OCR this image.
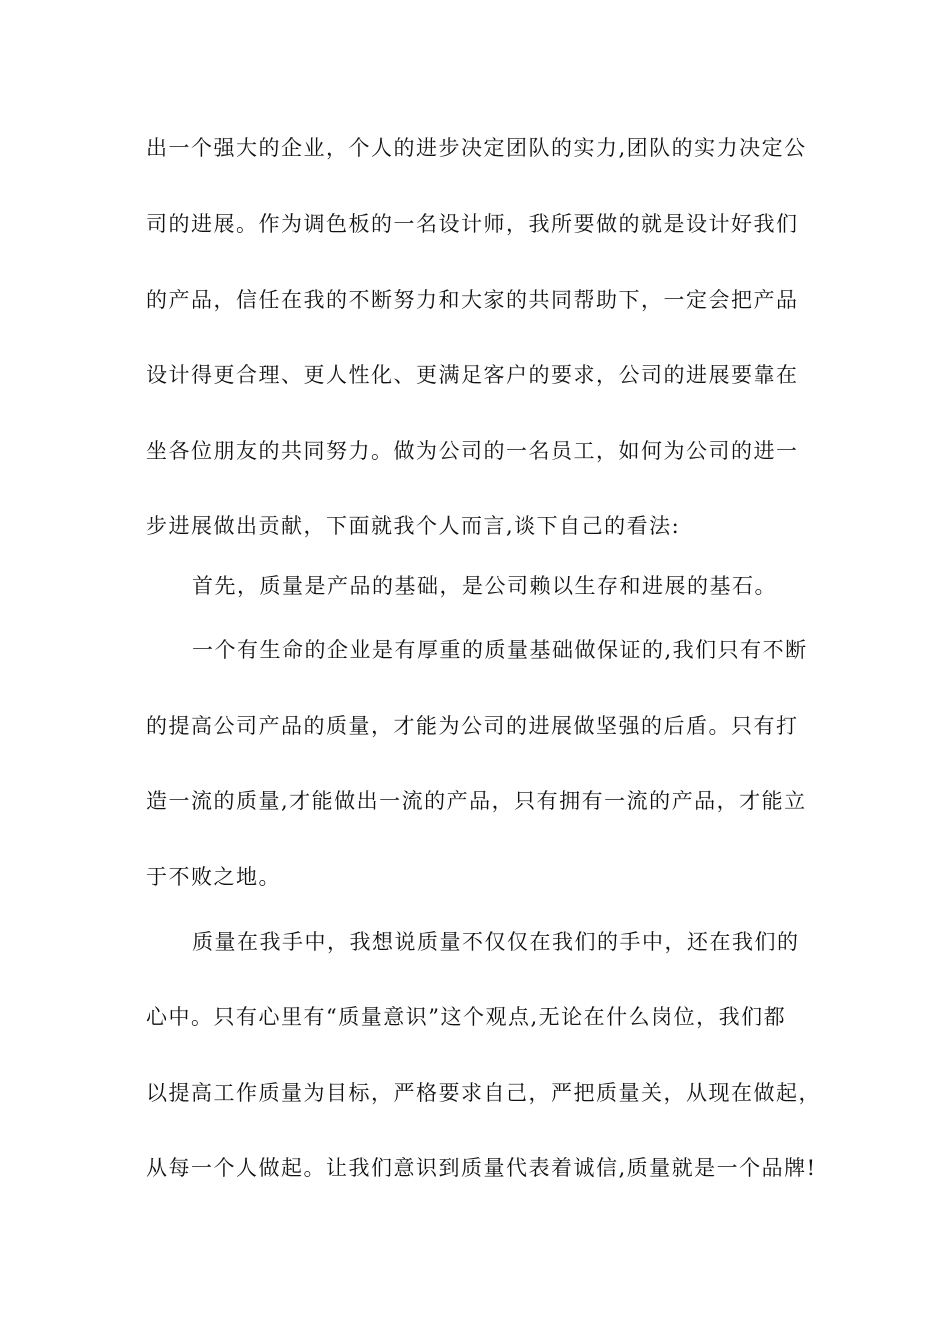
出一个强大的企业，个人的进步决定团队的实力,团队的实力决定公
司的进展。作为调色板的一名设计师，我所要做的就是设计好我们
的产品，信任在我的不断努力和大家的共同帮助下，一定会把产品
设计得更合理、更人性化、更满足客户的要求，公司的进展要靠在
坐各位朋友的共同努力。做为公司的一名员工，如何为公司的进一
步进展做出贡献，下面就我个人而言,谈下自己的看法:
首先，质量是产品的基础，是公司赖以生存和进展的基石。
一个有生命的企业是有厚重的质量基础做保证的,我们只有不断
的提高公司产品的质量，才能为公司的进展做坚强的后盾。只有打
造一流的质量,才能做出一流的产品，只有拥有一流的产品，才能立
于不败之地。
质量在我手中，我想说质量不仅仅在我们的手中，还在我们的
心中。只有心里有“质量意识”这个观点,无论在什么岗位，我们都
以提高工作质量为目标，严格要求自己，严把质量关，从现在做起，
从每一个人做起。让我们意识到质量代表着诚信,质量就是一个品牌!
